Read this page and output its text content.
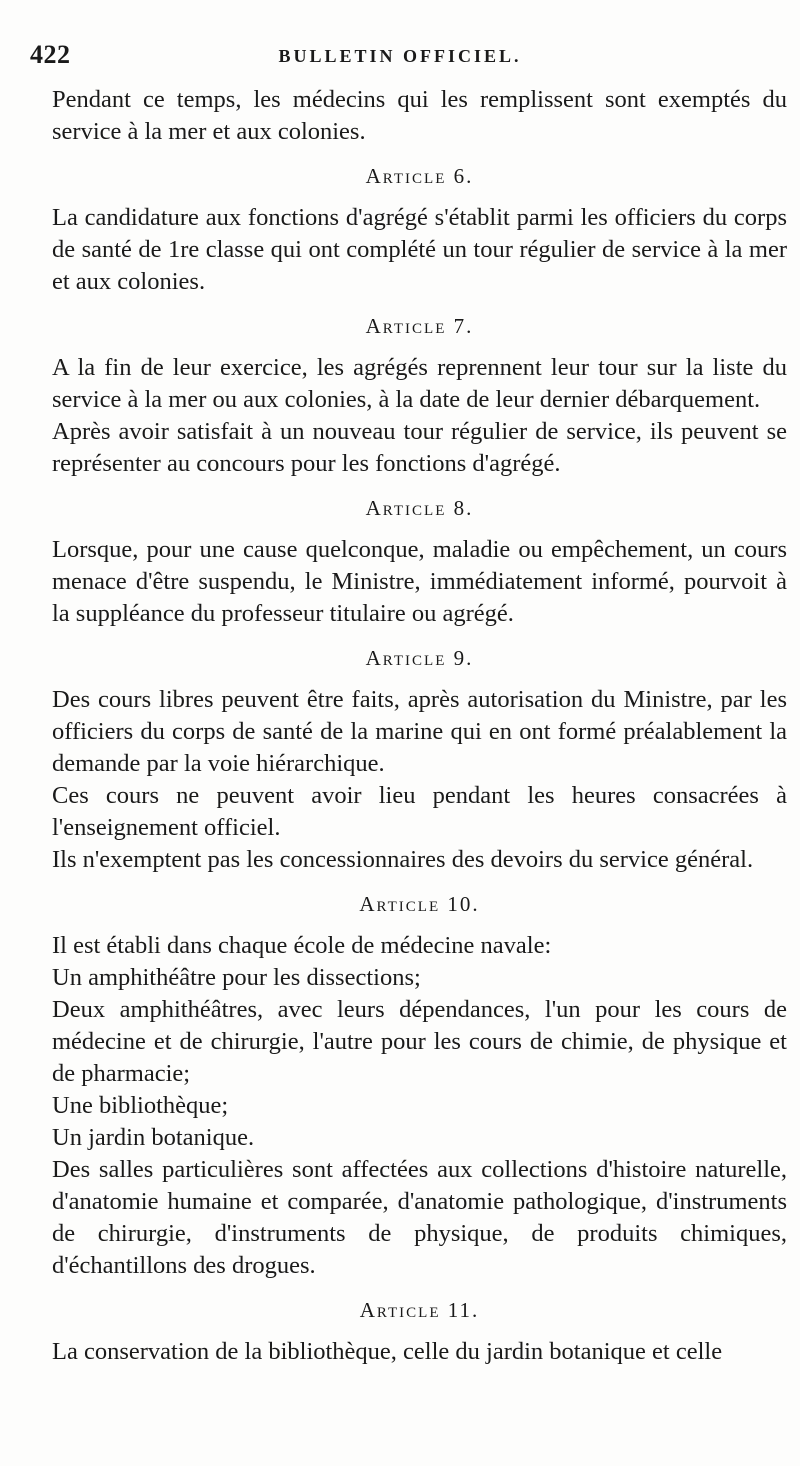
422	BULLETIN OFFICIEL.

Pendant ce temps, les médecins qui les remplissent sont exemptés du service à la mer et aux colonies.

Article 6.

La candidature aux fonctions d'agrégé s'établit parmi les officiers du corps de santé de 1re classe qui ont complété un tour régulier de service à la mer et aux colonies.

Article 7.

A la fin de leur exercice, les agrégés reprennent leur tour sur la liste du service à la mer ou aux colonies, à la date de leur dernier débarquement.

Après avoir satisfait à un nouveau tour régulier de service, ils peuvent se représenter au concours pour les fonctions d'agrégé.

Article 8.

Lorsque, pour une cause quelconque, maladie ou empêchement, un cours menace d'être suspendu, le Ministre, immédiatement informé, pourvoit à la suppléance du professeur titulaire ou agrégé.

Article 9.

Des cours libres peuvent être faits, après autorisation du Ministre, par les officiers du corps de santé de la marine qui en ont formé préalablement la demande par la voie hiérarchique.

Ces cours ne peuvent avoir lieu pendant les heures consacrées à l'enseignement officiel.

Ils n'exemptent pas les concessionnaires des devoirs du service général.

Article 10.

Il est établi dans chaque école de médecine navale:

Un amphithéâtre pour les dissections;

Deux amphithéâtres, avec leurs dépendances, l'un pour les cours de médecine et de chirurgie, l'autre pour les cours de chimie, de physique et de pharmacie;

Une bibliothèque;

Un jardin botanique.

Des salles particulières sont affectées aux collections d'histoire naturelle, d'anatomie humaine et comparée, d'anatomie pathologique, d'instruments de chirurgie, d'instruments de physique, de produits chimiques, d'échantillons des drogues.

Article 11.

La conservation de la bibliothèque, celle du jardin botanique et celle
